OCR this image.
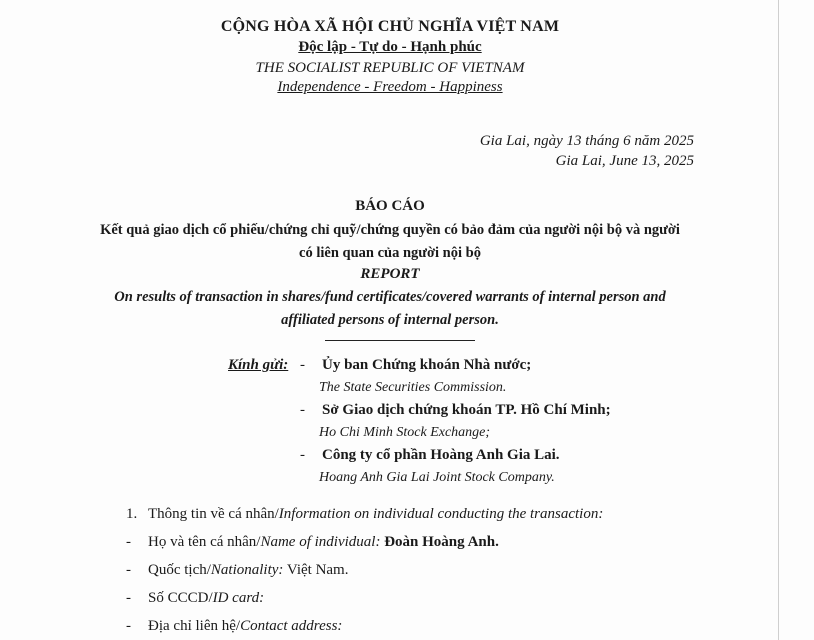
CỘNG HÒA XÃ HỘI CHỦ NGHĨA VIỆT NAM
Độc lập - Tự do - Hạnh phúc
THE SOCIALIST REPUBLIC OF VIETNAM
Independence - Freedom - Happiness
Gia Lai, ngày 13 tháng 6 năm 2025
Gia Lai, June 13, 2025
BÁO CÁO
Kết quả giao dịch cổ phiếu/chứng chỉ quỹ/chứng quyền có bảo đảm của người nội bộ và người
có liên quan của người nội bộ
REPORT
On results of transaction in shares/fund certificates/covered warrants of internal person and
affiliated persons of internal person.
Kính gửi: - Ủy ban Chứng khoán Nhà nước;
The State Securities Commission.
- Sở Giao dịch chứng khoán TP. Hồ Chí Minh;
Ho Chi Minh Stock Exchange;
- Công ty cổ phần Hoàng Anh Gia Lai.
Hoang Anh Gia Lai Joint Stock Company.
1. Thông tin về cá nhân/Information on individual conducting the transaction:
- Họ và tên cá nhân/Name of individual: Đoàn Hoàng Anh.
- Quốc tịch/Nationality: Việt Nam.
- Số CCCD/ID card:
- Địa chỉ liên hệ/Contact address:
